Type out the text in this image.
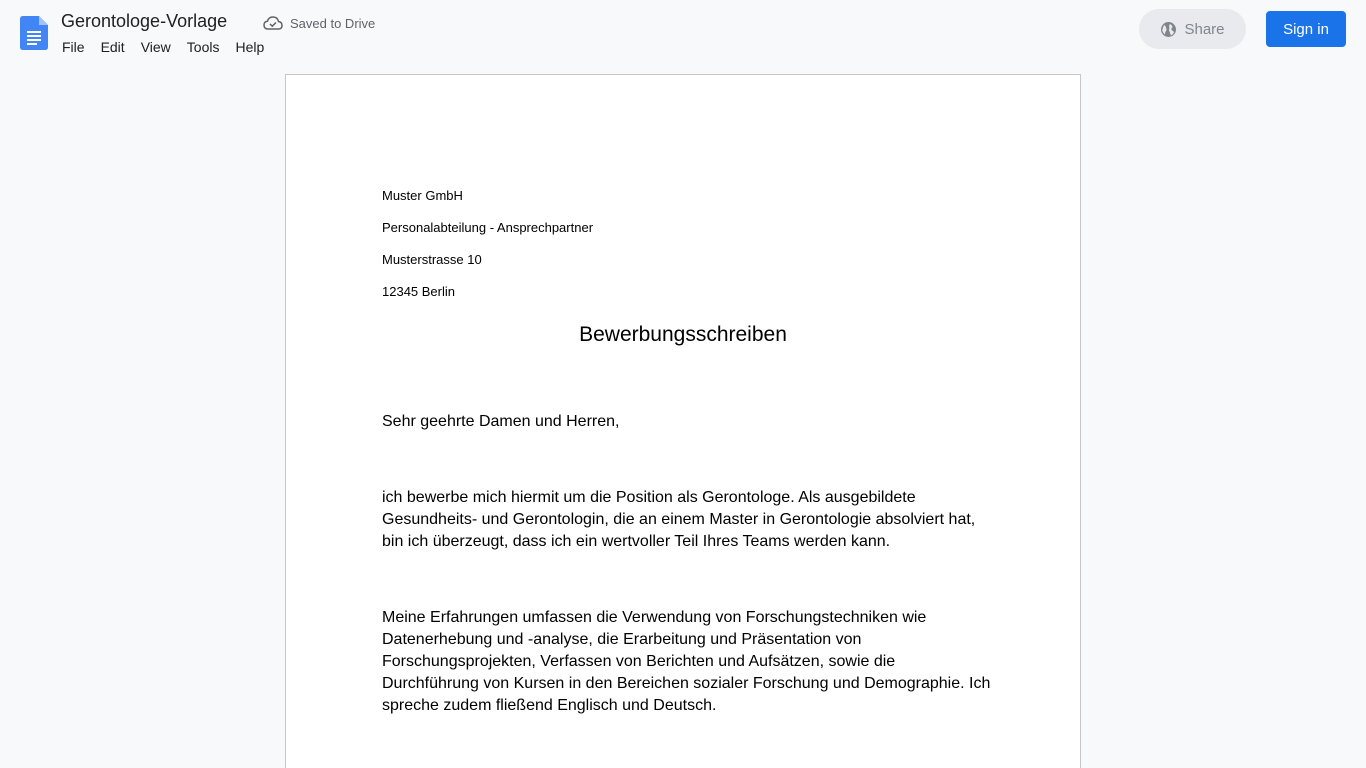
Gerontologe-Vorlage	Saved to Drive
File	Edit	View	Tools	Help
Share	Sign in
Muster GmbH
Personalabteilung - Ansprechpartner
Musterstrasse 10
12345 Berlin
Bewerbungsschreiben
Sehr geehrte Damen und Herren,
ich bewerbe mich hiermit um die Position als Gerontologe. Als ausgebildete Gesundheits- und Gerontologin, die an einem Master in Gerontologie absolviert hat, bin ich überzeugt, dass ich ein wertvoller Teil Ihres Teams werden kann.
Meine Erfahrungen umfassen die Verwendung von Forschungstechniken wie Datenerhebung und -analyse, die Erarbeitung und Präsentation von Forschungsprojekten, Verfassen von Berichten und Aufsätzen, sowie die Durchführung von Kursen in den Bereichen sozialer Forschung und Demographie. Ich spreche zudem fließend Englisch und Deutsch.
